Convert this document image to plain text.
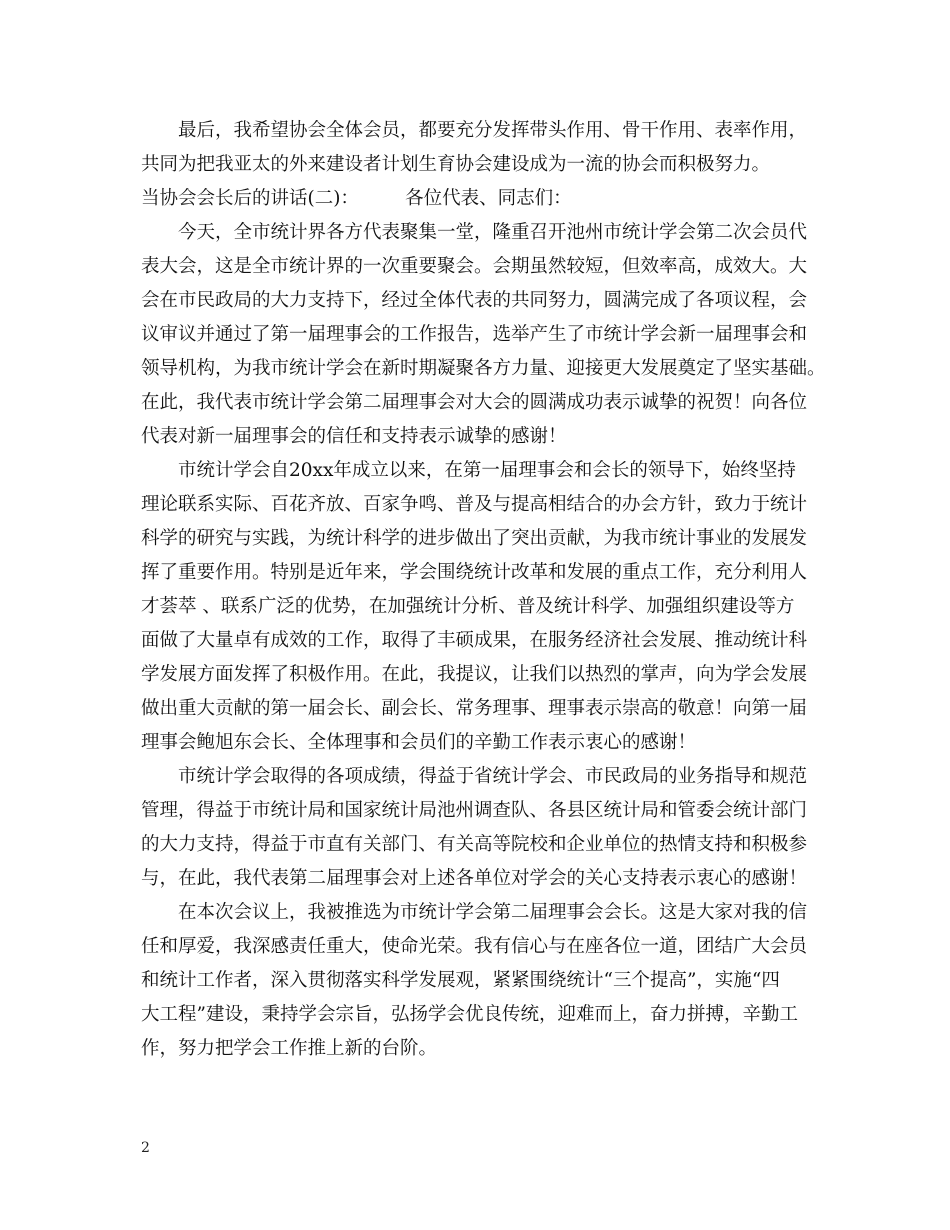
最后，我希望协会全体会员，都要充分发挥带头作用、骨干作用、表率作用，
共同为把我亚太的外来建设者计划生育协会建设成为一流的协会而积极努力。
当协会会长后的讲话(二)：　　　各位代表、同志们：
今天，全市统计界各方代表聚集一堂，隆重召开池州市统计学会第二次会员代
表大会，这是全市统计界的一次重要聚会。会期虽然较短，但效率高，成效大。大
会在市民政局的大力支持下，经过全体代表的共同努力，圆满完成了各项议程，会
议审议并通过了第一届理事会的工作报告，选举产生了市统计学会新一届理事会和
领导机构，为我市统计学会在新时期凝聚各方力量、迎接更大发展奠定了坚实基础。
在此，我代表市统计学会第二届理事会对大会的圆满成功表示诚挚的祝贺！向各位
代表对新一届理事会的信任和支持表示诚挚的感谢！
市统计学会自20xx年成立以来，在第一届理事会和会长的领导下，始终坚持
理论联系实际、百花齐放、百家争鸣、普及与提高相结合的办会方针，致力于统计
科学的研究与实践，为统计科学的进步做出了突出贡献，为我市统计事业的发展发
挥了重要作用。特别是近年来，学会围绕统计改革和发展的重点工作，充分利用人
才荟萃 、联系广泛的优势，在加强统计分析、普及统计科学、加强组织建设等方
面做了大量卓有成效的工作，取得了丰硕成果，在服务经济社会发展、推动统计科
学发展方面发挥了积极作用。在此，我提议，让我们以热烈的掌声，向为学会发展
做出重大贡献的第一届会长、副会长、常务理事、理事表示崇高的敬意！向第一届
理事会鲍旭东会长、全体理事和会员们的辛勤工作表示衷心的感谢！
市统计学会取得的各项成绩，得益于省统计学会、市民政局的业务指导和规范
管理，得益于市统计局和国家统计局池州调查队、各县区统计局和管委会统计部门
的大力支持，得益于市直有关部门、有关高等院校和企业单位的热情支持和积极参
与，在此，我代表第二届理事会对上述各单位对学会的关心支持表示衷心的感谢！
在本次会议上，我被推选为市统计学会第二届理事会会长。这是大家对我的信
任和厚爱，我深感责任重大，使命光荣。我有信心与在座各位一道，团结广大会员
和统计工作者，深入贯彻落实科学发展观，紧紧围绕统计“三个提高”，实施“四
大工程”建设，秉持学会宗旨，弘扬学会优良传统，迎难而上，奋力拼搏，辛勤工
作，努力把学会工作推上新的台阶。
2
